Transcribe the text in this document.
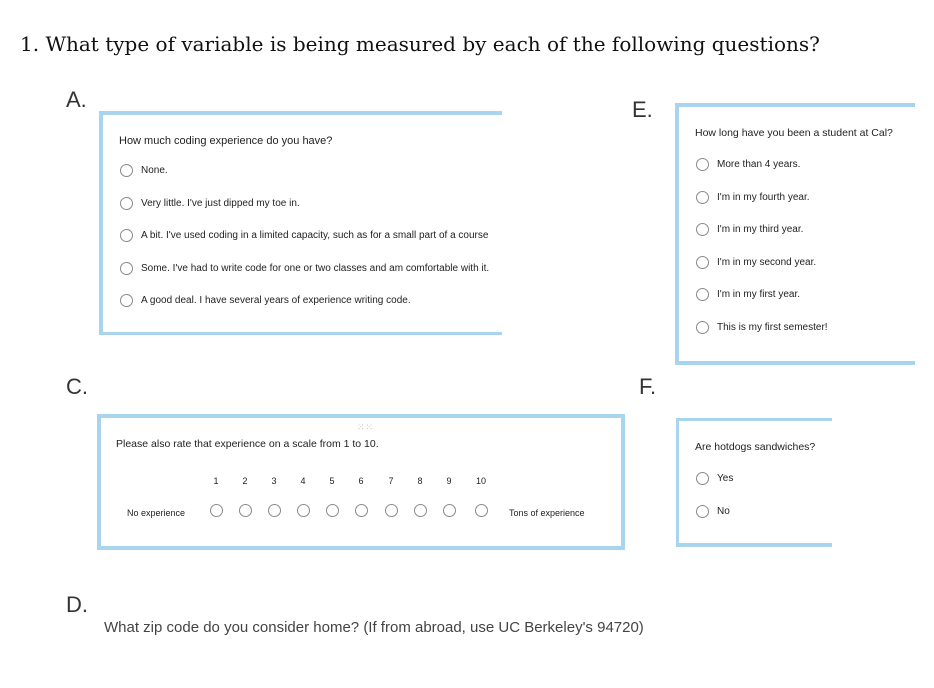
1. What type of variable is being measured by each of the following questions?
A.	E.
C.	F.
D.
How much coding experience do you have?
None.
Very little. I've just dipped my toe in.
A bit. I've used coding in a limited capacity, such as for a small part of a course
Some. I've had to write code for one or two classes and am comfortable with it.
A good deal. I have several years of experience writing code.
How long have you been a student at Cal?
More than 4 years.
I'm in my fourth year.
I'm in my third year.
I'm in my second year.
I'm in my first year.
This is my first semester!
⁙⁙
Please also rate that experience on a scale from 1 to 10.
1	2	3	4	5	6	7	8	9	10
No experience	Tons of experience
Are hotdogs sandwiches?
Yes
No
What zip code do you consider home? (If from abroad, use UC Berkeley's 94720)
